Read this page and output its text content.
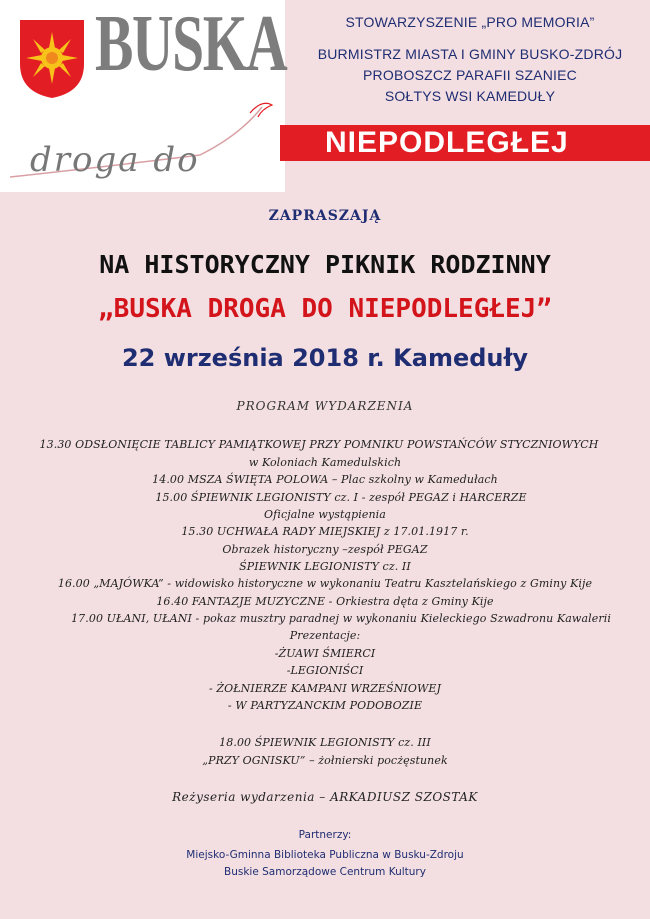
BUSKA
droga do	NIEPODLEGŁEJ
STOWARZYSZENIE „PRO MEMORIA”
BURMISTRZ MIASTA I GMINY BUSKO-ZDRÓJ
PROBOSZCZ PARAFII SZANIEC
SOŁTYS WSI KAMEDUŁY
ZAPRASZAJĄ
NA HISTORYCZNY PIKNIK RODZINNY
„BUSKA DROGA DO NIEPODLEGŁEJ”
22 września 2018 r. Kameduły
PROGRAM WYDARZENIA
13.30 ODSŁONIĘCIE TABLICY PAMIĄTKOWEJ PRZY POMNIKU POWSTAŃCÓW STYCZNIOWYCH
w Koloniach Kamedulskich
14.00 MSZA ŚWIĘTA POLOWA – Plac szkolny w Kamedułach
15.00 ŚPIEWNIK LEGIONISTY cz. I - zespół PEGAZ i HARCERZE
Oficjalne wystąpienia
15.30 UCHWAŁA RADY MIEJSKIEJ z 17.01.1917 r.
Obrazek historyczny –zespół PEGAZ
ŚPIEWNIK LEGIONISTY cz. II
16.00 „MAJÓWKA” - widowisko historyczne w wykonaniu Teatru Kasztelańskiego z Gminy Kije
16.40 FANTAZJE MUZYCZNE - Orkiestra dęta z Gminy Kije
17.00 UŁANI, UŁANI - pokaz musztry paradnej w wykonaniu Kieleckiego Szwadronu Kawalerii
Prezentacje:
-ŻUAWI ŚMIERCI
-LEGIONIŚCI
- ŻOŁNIERZE KAMPANI WRZEŚNIOWEJ
- W PARTYZANCKIM PODOBOZIE
18.00 ŚPIEWNIK LEGIONISTY cz. III
„PRZY OGNISKU” – żołnierski pocżęstunek
Reżyseria wydarzenia – ARKADIUSZ SZOSTAK
Partnerzy:
Miejsko-Gminna Biblioteka Publiczna w Busku-Zdroju
Buskie Samorządowe Centrum Kultury
